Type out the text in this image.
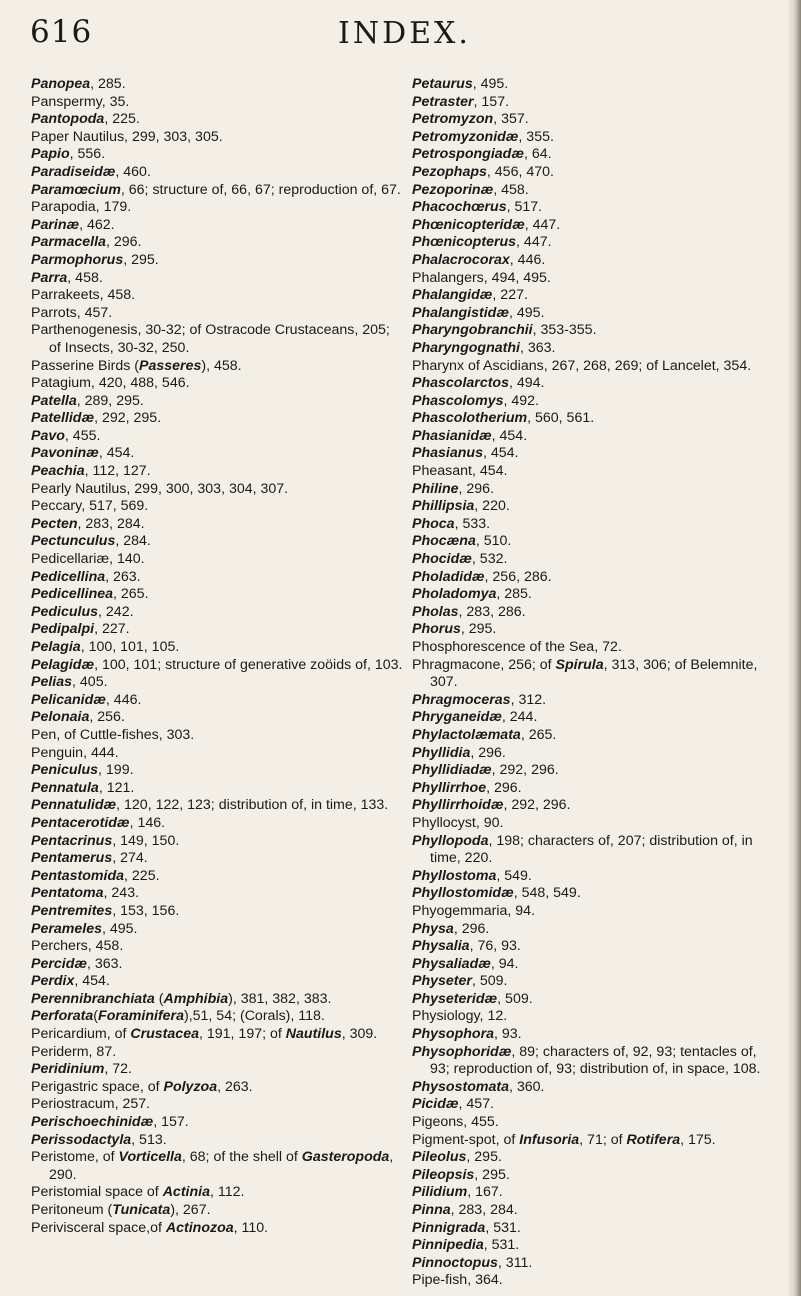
616	INDEX.
Panopea, 285.
Panspermy, 35.
Pantopoda, 225.
Paper Nautilus, 299, 303, 305.
Papio, 556.
Paradiseidæ, 460.
Paramœcium, 66; structure of, 66, 67; reproduction of, 67.
Parapodia, 179.
Parinæ, 462.
Parmacella, 296.
Parmophorus, 295.
Parra, 458.
Parrakeets, 458.
Parrots, 457.
Parthenogenesis, 30-32; of Ostracode Crustaceans, 205; of Insects, 30-32, 250.
Passerine Birds (Passeres), 458.
Patagium, 420, 488, 546.
Patella, 289, 295.
Patellidæ, 292, 295.
Pavo, 455.
Pavoninæ, 454.
Peachia, 112, 127.
Pearly Nautilus, 299, 300, 303, 304, 307.
Peccary, 517, 569.
Pecten, 283, 284.
Pectunculus, 284.
Pedicellariæ, 140.
Pedicellina, 263.
Pedicellinea, 265.
Pediculus, 242.
Pedipalpi, 227.
Pelagia, 100, 101, 105.
Pelagidæ, 100, 101; structure of generative zoöids of, 103.
Pelias, 405.
Pelicanidæ, 446.
Pelonaia, 256.
Pen, of Cuttle-fishes, 303.
Penguin, 444.
Peniculus, 199.
Pennatula, 121.
Pennatulidæ, 120, 122, 123; distribution of, in time, 133.
Pentacerotidæ, 146.
Pentacrinus, 149, 150.
Pentamerus, 274.
Pentastomida, 225.
Pentatoma, 243.
Pentremites, 153, 156.
Perameles, 495.
Perchers, 458.
Percidæ, 363.
Perdix, 454.
Perennibranchiata (Amphibia), 381, 382, 383.
Perforata(Foraminifera),51, 54; (Corals), 118.
Pericardium, of Crustacea, 191, 197; of Nautilus, 309.
Periderm, 87.
Peridinium, 72.
Perigastric space, of Polyzoa, 263.
Periostracum, 257.
Perischoechinidæ, 157.
Perissodactyla, 513.
Peristome, of Vorticella, 68; of the shell of Gasteropoda, 290.
Peristomial space of Actinia, 112.
Peritoneum (Tunicata), 267.
Perivisceral space,of Actinozoa, 110.
Petaurus, 495.
Petraster, 157.
Petromyzon, 357.
Petromyzonidæ, 355.
Petrospongiadæ, 64.
Pezophaps, 456, 470.
Pezoporinæ, 458.
Phacochœrus, 517.
Phœnicopteridæ, 447.
Phœnicopterus, 447.
Phalacrocorax, 446.
Phalangers, 494, 495.
Phalangidæ, 227.
Phalangistidæ, 495.
Pharyngobranchii, 353-355.
Pharyngognathi, 363.
Pharynx of Ascidians, 267, 268, 269; of Lancelet, 354.
Phascolarctos, 494.
Phascolomys, 492.
Phascolotherium, 560, 561.
Phasianidæ, 454.
Phasianus, 454.
Pheasant, 454.
Philine, 296.
Phillipsia, 220.
Phoca, 533.
Phocæna, 510.
Phocidæ, 532.
Pholadidæ, 256, 286.
Pholadomya, 285.
Pholas, 283, 286.
Phorus, 295.
Phosphorescence of the Sea, 72.
Phragmacone, 256; of Spirula, 313, 306; of Belemnite, 307.
Phragmoceras, 312.
Phryganeidæ, 244.
Phylactolæmata, 265.
Phyllidia, 296.
Phyllidiadæ, 292, 296.
Phyllirrhoe, 296.
Phyllirrhoidæ, 292, 296.
Phyllocyst, 90.
Phyllopoda, 198; characters of, 207; distribution of, in time, 220.
Phyllostoma, 549.
Phyllostomidæ, 548, 549.
Phyogemmaria, 94.
Physa, 296.
Physalia, 76, 93.
Physaliadæ, 94.
Physeter, 509.
Physeteridæ, 509.
Physiology, 12.
Physophora, 93.
Physophoridæ, 89; characters of, 92, 93; tentacles of, 93; reproduction of, 93; distribution of, in space, 108.
Physostomata, 360.
Picidæ, 457.
Pigeons, 455.
Pigment-spot, of Infusoria, 71; of Rotifera, 175.
Pileolus, 295.
Pileopsis, 295.
Pilidium, 167.
Pinna, 283, 284.
Pinnigrada, 531.
Pinnipedia, 531.
Pinnoctopus, 311.
Pipe-fish, 364.
